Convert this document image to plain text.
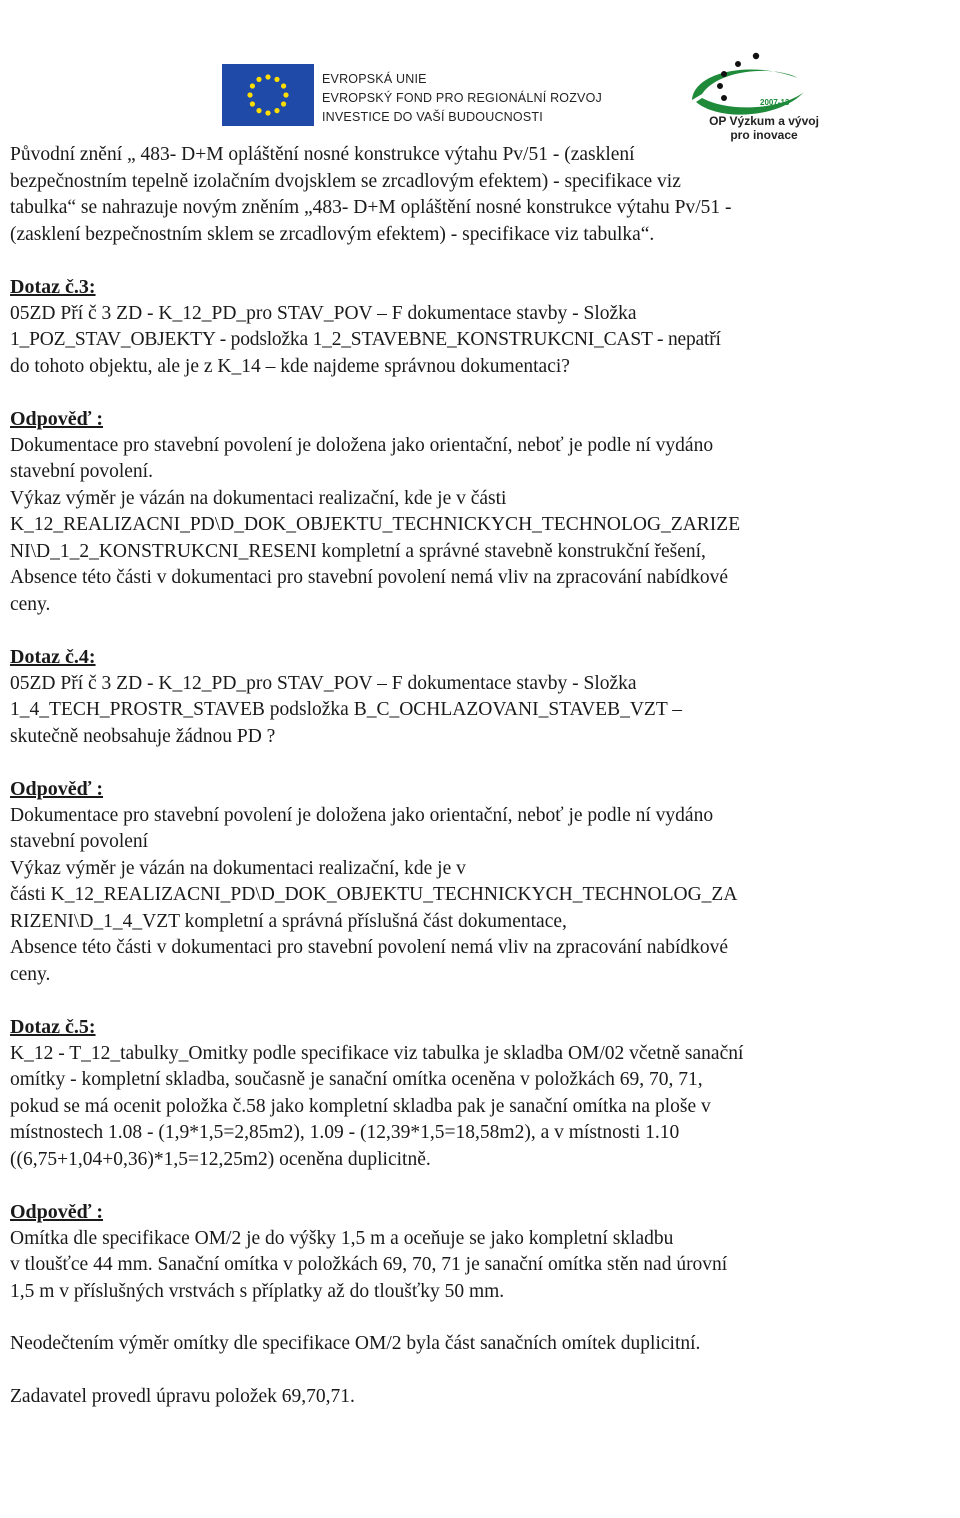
EVROPSKÁ UNIE
EVROPSKÝ FOND PRO REGIONÁLNÍ ROZVOJ
INVESTICE DO VAŠÍ BUDOUCNOSTI
2007-13
OP Výzkum a vývoj
pro inovace

Původní znění „ 483- D+M opláštění nosné konstrukce výtahu Pv/51 - (zasklení

bezpečnostním tepelně izolačním dvojsklem se zrcadlovým efektem) - specifikace viz

tabulka“ se nahrazuje novým zněním „483- D+M opláštění nosné konstrukce výtahu Pv/51 -

(zasklení bezpečnostním sklem se zrcadlovým efektem) - specifikace viz tabulka“.

Dotaz č.3:

05ZD Pří č 3 ZD - K_12_PD_pro STAV_POV – F dokumentace stavby - Složka

1_POZ_STAV_OBJEKTY - podsložka 1_2_STAVEBNE_KONSTRUKCNI_CAST - nepatří

do tohoto objektu, ale je z K_14 – kde najdeme správnou dokumentaci?

Odpověď :

Dokumentace pro stavební povolení je doložena jako orientační, neboť je podle ní vydáno

stavební povolení.

Výkaz výměr je vázán na dokumentaci realizační, kde je v části

K_12_REALIZACNI_PD\D_DOK_OBJEKTU_TECHNICKYCH_TECHNOLOG_ZARIZE

NI\D_1_2_KONSTRUKCNI_RESENI kompletní a správné stavebně konstrukční řešení,

Absence této části v dokumentaci pro stavební povolení nemá vliv na zpracování nabídkové

ceny.

Dotaz č.4:

05ZD Pří č 3 ZD - K_12_PD_pro STAV_POV – F dokumentace stavby - Složka

1_4_TECH_PROSTR_STAVEB podsložka B_C_OCHLAZOVANI_STAVEB_VZT –

skutečně neobsahuje žádnou PD ?

Odpověď :

Dokumentace pro stavební povolení je doložena jako orientační, neboť je podle ní vydáno

stavební povolení

Výkaz výměr je vázán na dokumentaci realizační, kde je v

části K_12_REALIZACNI_PD\D_DOK_OBJEKTU_TECHNICKYCH_TECHNOLOG_ZA

RIZENI\D_1_4_VZT kompletní a správná příslušná část dokumentace,

Absence této části v dokumentaci pro stavební povolení nemá vliv na zpracování nabídkové

ceny.

Dotaz č.5:

K_12 - T_12_tabulky_Omitky podle specifikace viz tabulka je skladba OM/02 včetně sanační

omítky - kompletní skladba, současně je sanační omítka oceněna v položkách 69, 70, 71,

pokud se má ocenit položka č.58 jako kompletní skladba pak je sanační omítka na ploše v

místnostech 1.08 - (1,9*1,5=2,85m2), 1.09 - (12,39*1,5=18,58m2), a v místnosti 1.10

((6,75+1,04+0,36)*1,5=12,25m2) oceněna duplicitně.

Odpověď :

Omítka dle specifikace OM/2 je do výšky 1,5 m a oceňuje se jako kompletní skladbu

v tloušťce 44 mm. Sanační omítka v položkách 69, 70, 71 je sanační omítka stěn nad úrovní

1,5 m v příslušných vrstvách s příplatky až do tloušťky 50 mm.

Neodečtením výměr omítky dle specifikace OM/2 byla část sanačních omítek duplicitní.

Zadavatel provedl úpravu položek 69,70,71.
